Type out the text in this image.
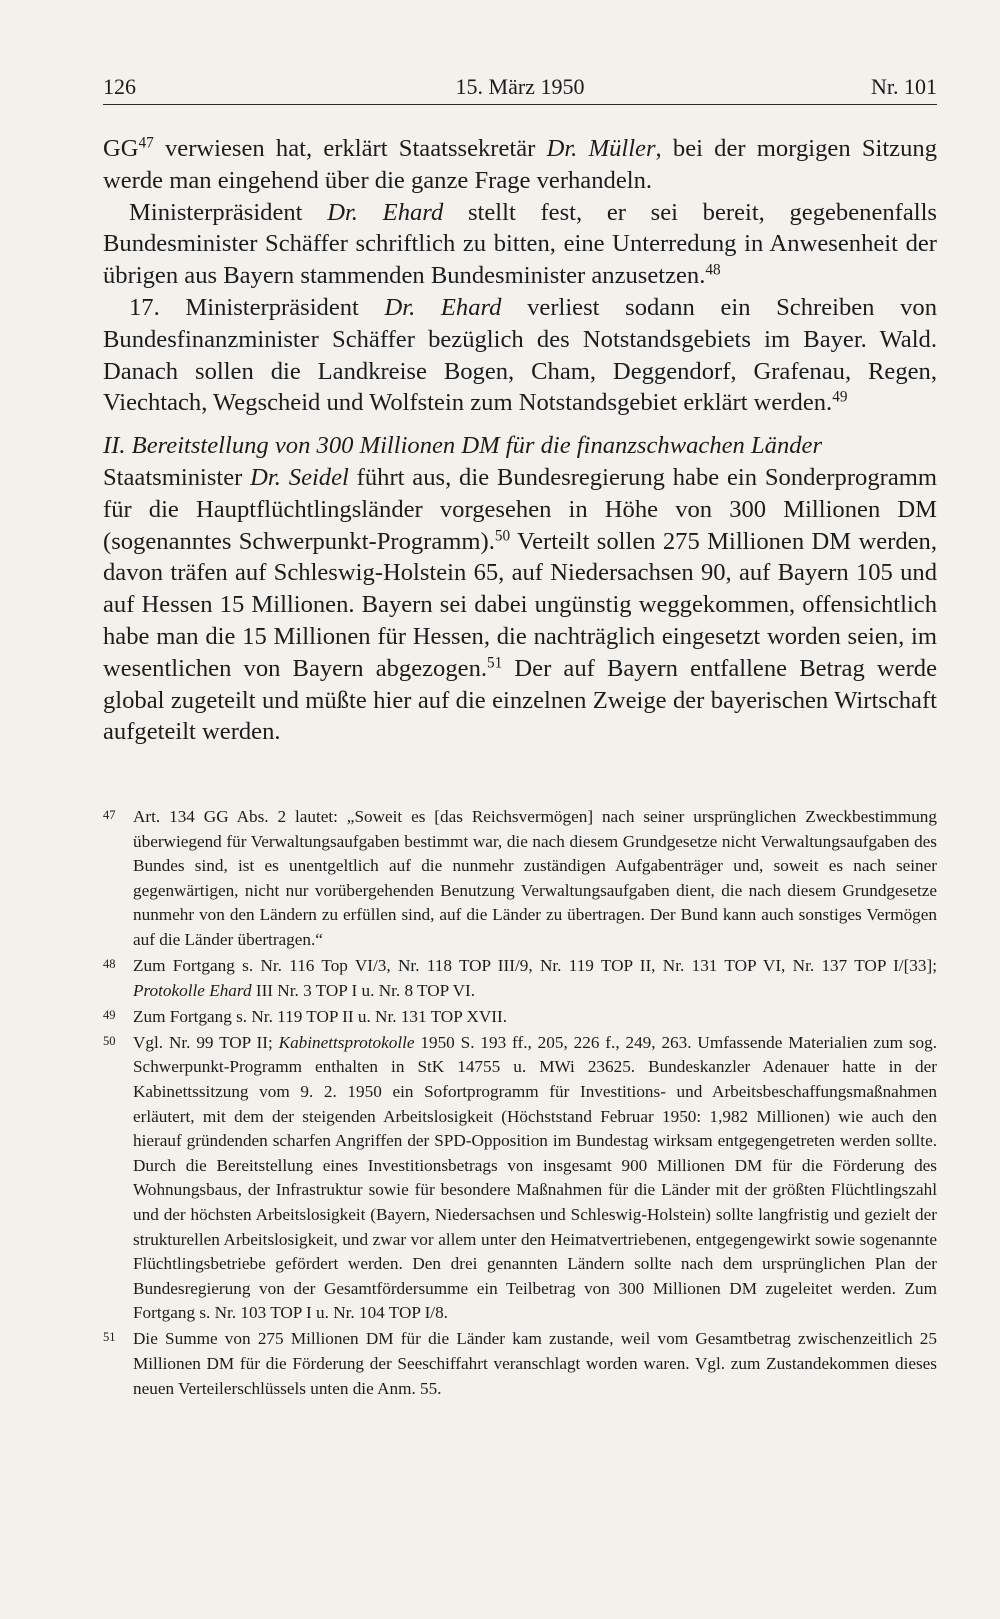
126	15. März 1950	Nr. 101

GG$^{47}$ verwiesen hat, erklärt Staatssekretär Dr. Müller, bei der morgigen Sitzung werde man eingehend über die ganze Frage verhandeln.

Ministerpräsident Dr. Ehard stellt fest, er sei bereit, gegebenenfalls Bundesminister Schäffer schriftlich zu bitten, eine Unterredung in Anwesenheit der übrigen aus Bayern stammenden Bundesminister anzusetzen.$^{48}$

17. Ministerpräsident Dr. Ehard verliest sodann ein Schreiben von Bundesfinanzminister Schäffer bezüglich des Notstandsgebiets im Bayer. Wald. Danach sollen die Landkreise Bogen, Cham, Deggendorf, Grafenau, Regen, Viechtach, Wegscheid und Wolfstein zum Notstandsgebiet erklärt werden.$^{49}$

II. Bereitstellung von 300 Millionen DM für die finanzschwachen Länder

Staatsminister Dr. Seidel führt aus, die Bundesregierung habe ein Sonderprogramm für die Hauptflüchtlingsländer vorgesehen in Höhe von 300 Millionen DM (sogenanntes Schwerpunkt-Programm).$^{50}$ Verteilt sollen 275 Millionen DM werden, davon träfen auf Schleswig-Holstein 65, auf Niedersachsen 90, auf Bayern 105 und auf Hessen 15 Millionen. Bayern sei dabei ungünstig weggekommen, offensichtlich habe man die 15 Millionen für Hessen, die nachträglich eingesetzt worden seien, im wesentlichen von Bayern abgezogen.$^{51}$ Der auf Bayern entfallene Betrag werde global zugeteilt und müßte hier auf die einzelnen Zweige der bayerischen Wirtschaft aufgeteilt werden.

47	Art. 134 GG Abs. 2 lautet: „Soweit es [das Reichsvermögen] nach seiner ursprünglichen Zweckbestimmung überwiegend für Verwaltungsaufgaben bestimmt war, die nach diesem Grundgesetze nicht Verwaltungsaufgaben des Bundes sind, ist es unentgeltlich auf die nunmehr zuständigen Aufgabenträger und, soweit es nach seiner gegenwärtigen, nicht nur vorübergehenden Benutzung Verwaltungsaufgaben dient, die nach diesem Grundgesetze nunmehr von den Ländern zu erfüllen sind, auf die Länder zu übertragen. Der Bund kann auch sonstiges Vermögen auf die Länder übertragen.“
48	Zum Fortgang s. Nr. 116 Top VI/3, Nr. 118 TOP III/9, Nr. 119 TOP II, Nr. 131 TOP VI, Nr. 137 TOP I/[33]; Protokolle Ehard III Nr. 3 TOP I u. Nr. 8 TOP VI.
49	Zum Fortgang s. Nr. 119 TOP II u. Nr. 131 TOP XVII.
50	Vgl. Nr. 99 TOP II; Kabinettsprotokolle 1950 S. 193 ff., 205, 226 f., 249, 263. Umfassende Materialien zum sog. Schwerpunkt-Programm enthalten in StK 14755 u. MWi 23625. Bundeskanzler Adenauer hatte in der Kabinettssitzung vom 9. 2. 1950 ein Sofortprogramm für Investitions- und Arbeitsbeschaffungsmaßnahmen erläutert, mit dem der steigenden Arbeitslosigkeit (Höchststand Februar 1950: 1,982 Millionen) wie auch den hierauf gründenden scharfen Angriffen der SPD-Opposition im Bundestag wirksam entgegengetreten werden sollte. Durch die Bereitstellung eines Investitionsbetrags von insgesamt 900 Millionen DM für die Förderung des Wohnungsbaus, der Infrastruktur sowie für besondere Maßnahmen für die Länder mit der größten Flüchtlingszahl und der höchsten Arbeitslosigkeit (Bayern, Niedersachsen und Schleswig-Holstein) sollte langfristig und gezielt der strukturellen Arbeitslosigkeit, und zwar vor allem unter den Heimatvertriebenen, entgegengewirkt sowie sogenannte Flüchtlingsbetriebe gefördert werden. Den drei genannten Ländern sollte nach dem ursprünglichen Plan der Bundesregierung von der Gesamtfördersumme ein Teilbetrag von 300 Millionen DM zugeleitet werden. Zum Fortgang s. Nr. 103 TOP I u. Nr. 104 TOP I/8.
51	Die Summe von 275 Millionen DM für die Länder kam zustande, weil vom Gesamtbetrag zwischenzeitlich 25 Millionen DM für die Förderung der Seeschiffahrt veranschlagt worden waren. Vgl. zum Zustandekommen dieses neuen Verteilerschlüssels unten die Anm. 55.
